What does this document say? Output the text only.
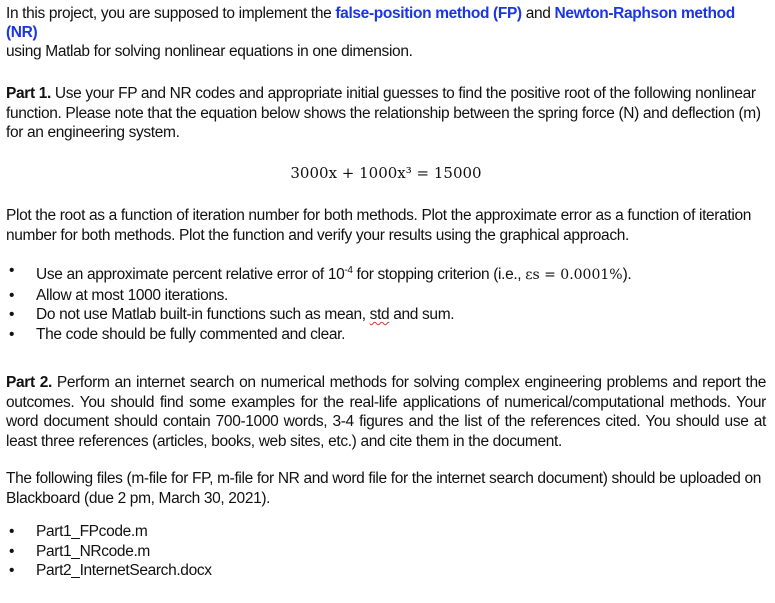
In this project, you are supposed to implement the false-position method (FP) and Newton-Raphson method (NR)
using Matlab for solving nonlinear equations in one dimension.

Part 1. Use your FP and NR codes and appropriate initial guesses to find the positive root of the following nonlinear function. Please note that the equation below shows the relationship between the spring force (N) and deflection (m) for an engineering system.

3000x + 1000x³ = 15000

Plot the root as a function of iteration number for both methods. Plot the approximate error as a function of iteration number for both methods. Plot the function and verify your results using the graphical approach.

• Use an approximate percent relative error of $10^{-4}$ for stopping criterion (i.e., εs = 0.0001%).
• Allow at most 1000 iterations.
• Do not use Matlab built-in functions such as mean, std and sum.
• The code should be fully commented and clear.

Part 2. Perform an internet search on numerical methods for solving complex engineering problems and report the outcomes. You should find some examples for the real-life applications of numerical/computational methods. Your word document should contain 700-1000 words, 3-4 figures and the list of the references cited. You should use at least three references (articles, books, web sites, etc.) and cite them in the document.

The following files (m-file for FP, m-file for NR and word file for the internet search document) should be uploaded on Blackboard (due 2 pm, March 30, 2021).

• Part1_FPcode.m
• Part1_NRcode.m
• Part2_InternetSearch.docx
